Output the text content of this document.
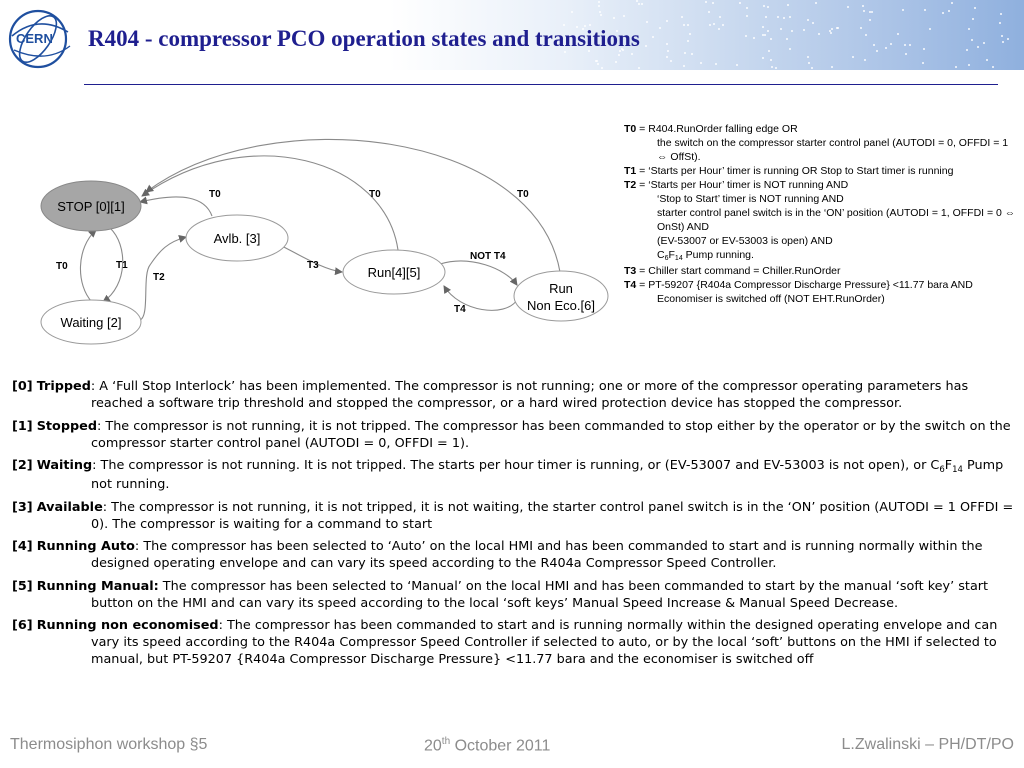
CERN R404 - compressor PCO operation states and transitions
STOP [0][1]
Avlb. [3]
Waiting [2]
Run[4][5]
Run
Non Eco.[6]
T0	T0	T0
T0	T1
T2
T3
NOT T4
T4
T0 = R404.RunOrder falling edge OR
the switch on the compressor starter control panel (AUTODI = 0, OFFDI = 1 ⇔ OffSt).
T1 = ‘Starts per Hour’ timer is running OR Stop to Start timer is running
T2 = ‘Starts per Hour’ timer is NOT running AND
‘Stop to Start’ timer is NOT running AND
starter control panel switch is in the ‘ON’ position (AUTODI = 1, OFFDI = 0 ⇔ OnSt) AND
(EV-53007 or EV-53003 is open) AND
C6F14 Pump running.
T3 = Chiller start command = Chiller.RunOrder
T4 = PT-59207 {R404a Compressor Discharge Pressure} <11.77 bara AND
Economiser is switched off (NOT EHT.RunOrder)
[0] Tripped: A ‘Full Stop Interlock’ has been implemented. The compressor is not running; one or more of the compressor operating parameters has reached a software trip threshold and stopped the compressor, or a hard wired protection device has stopped the compressor.
[1] Stopped: The compressor is not running, it is not tripped. The compressor has been commanded to stop either by the operator or by the switch on the compressor starter control panel (AUTODI = 0, OFFDI = 1).
[2] Waiting: The compressor is not running. It is not tripped. The starts per hour timer is running, or (EV-53007 and EV-53003 is not open), or $C_6F_{14}$ Pump not running.
[3] Available: The compressor is not running, it is not tripped, it is not waiting, the starter control panel switch is in the ‘ON’ position (AUTODI = 1 OFFDI = 0). The compressor is waiting for a command to start
[4] Running Auto: The compressor has been selected to ‘Auto’ on the local HMI and has been commanded to start and is running normally within the designed operating envelope and can vary its speed according to the R404a Compressor Speed Controller.
[5] Running Manual: The compressor has been selected to ‘Manual’ on the local HMI and has been commanded to start by the manual ‘soft key’ start button on the HMI and can vary its speed according to the local ‘soft keys’ Manual Speed Increase & Manual Speed Decrease.
[6] Running non economised: The compressor has been commanded to start and is running normally within the designed operating envelope and can vary its speed according to the R404a Compressor Speed Controller if selected to auto, or by the local ‘soft’ buttons on the HMI if selected to manual, but PT-59207 {R404a Compressor Discharge Pressure} <11.77 bara and the economiser is switched off
Thermosiphon workshop §5	20th October 2011	L.Zwalinski – PH/DT/PO
